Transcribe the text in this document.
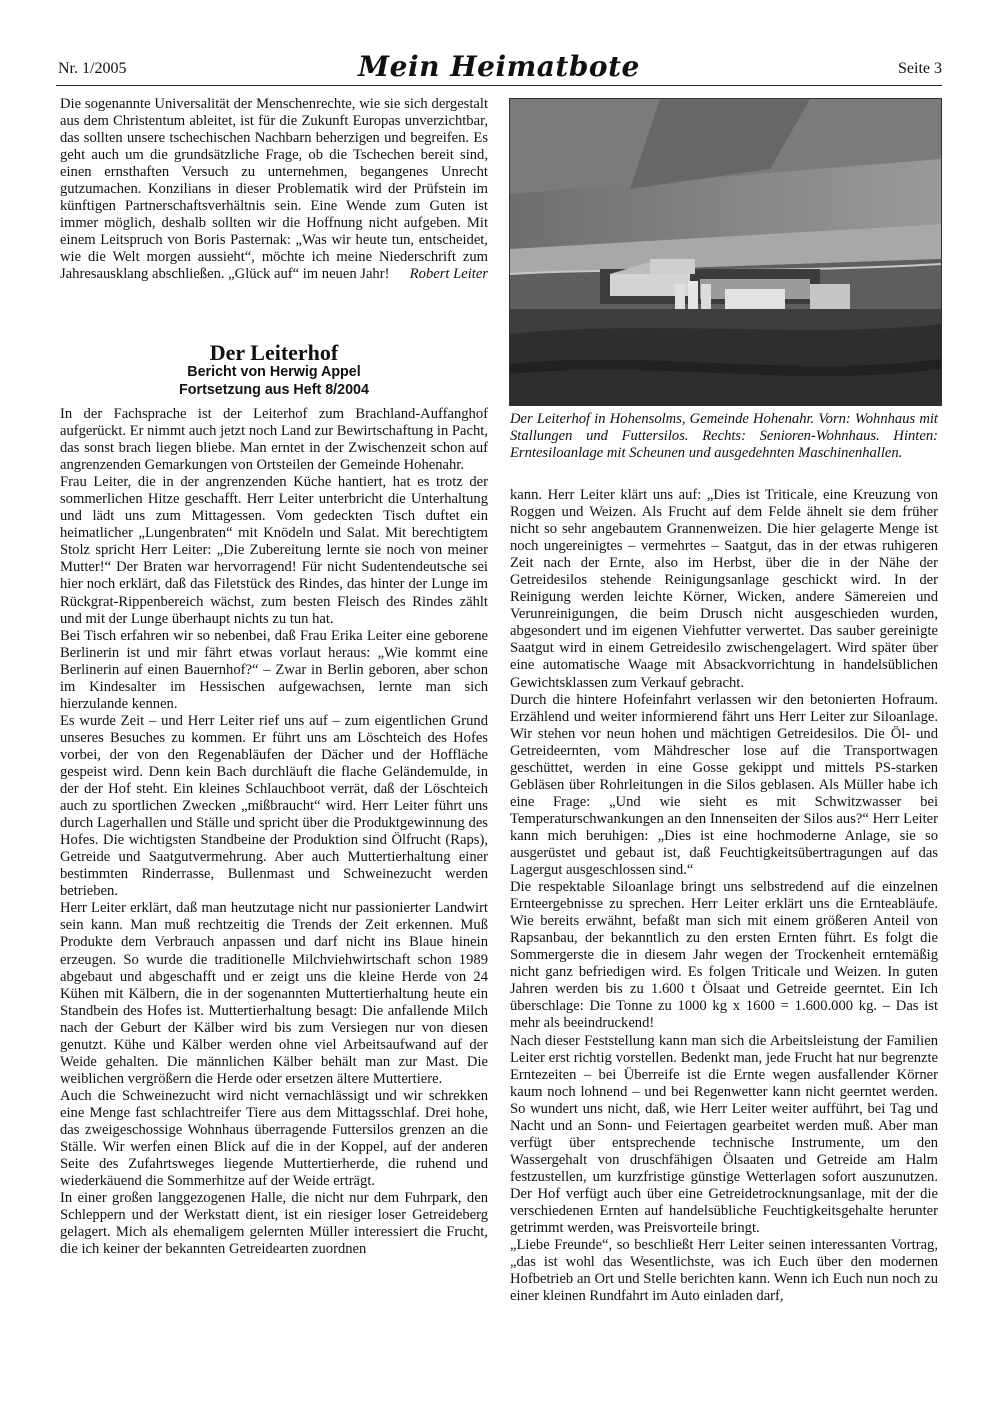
Nr. 1/2005	Mein Heimatbote	Seite 3

Die sogenannte Universalität der Menschenrechte, wie sie sich dergestalt aus dem Christentum ableitet, ist für die Zukunft Europas unverzichtbar, das sollten unsere tschechischen Nachbarn beherzigen und begreifen. Es geht auch um die grundsätzliche Frage, ob die Tschechen bereit sind, einen ernsthaften Versuch zu unternehmen, begangenes Unrecht gutzumachen. Konzilians in dieser Problematik wird der Prüfstein im künftigen Partnerschaftsverhältnis sein. Eine Wende zum Guten ist immer möglich, deshalb sollten wir die Hoffnung nicht aufgeben. Mit einem Leitspruch von Boris Pasternak: „Was wir heute tun, entscheidet, wie die Welt morgen aussieht“, möchte ich meine Niederschrift zum Jahresausklang abschließen. „Glück auf“ im neuen Jahr! Robert Leiter

Der Leiterhof
Bericht von Herwig Appel
Fortsetzung aus Heft 8/2004

In der Fachsprache ist der Leiterhof zum Brachland-Auffanghof aufgerückt. Er nimmt auch jetzt noch Land zur Bewirtschaftung in Pacht, das sonst brach liegen bliebe. Man erntet in der Zwischenzeit schon auf angrenzenden Gemarkungen von Ortsteilen der Gemeinde Hohenahr.

Frau Leiter, die in der angrenzenden Küche hantiert, hat es trotz der sommerlichen Hitze geschafft. Herr Leiter unterbricht die Unterhaltung und lädt uns zum Mittagessen. Vom gedeckten Tisch duftet ein heimatlicher „Lungenbraten“ mit Knödeln und Salat. Mit berechtigtem Stolz spricht Herr Leiter: „Die Zubereitung lernte sie noch von meiner Mutter!“ Der Braten war hervorragend! Für nicht Sudentendeutsche sei hier noch erklärt, daß das Filetstück des Rindes, das hinter der Lunge im Rückgrat-Rippenbereich wächst, zum besten Fleisch des Rindes zählt und mit der Lunge überhaupt nichts zu tun hat.

Bei Tisch erfahren wir so nebenbei, daß Frau Erika Leiter eine geborene Berlinerin ist und mir fährt etwas vorlaut heraus: „Wie kommt eine Berlinerin auf einen Bauernhof?“ – Zwar in Berlin geboren, aber schon im Kindesalter im Hessischen aufgewachsen, lernte man sich hierzulande kennen.

Es wurde Zeit – und Herr Leiter rief uns auf – zum eigentlichen Grund unseres Besuches zu kommen. Er führt uns am Löschteich des Hofes vorbei, der von den Regenabläufen der Dächer und der Hoffläche gespeist wird. Denn kein Bach durchläuft die flache Geländemulde, in der der Hof steht. Ein kleines Schlauchboot verrät, daß der Löschteich auch zu sportlichen Zwecken „mißbraucht“ wird. Herr Leiter führt uns durch Lagerhallen und Ställe und spricht über die Produktgewinnung des Hofes. Die wichtigsten Standbeine der Produktion sind Ölfrucht (Raps), Getreide und Saatgutvermehrung. Aber auch Muttertierhaltung einer bestimmten Rinderrasse, Bullenmast und Schweinezucht werden betrieben.

Herr Leiter erklärt, daß man heutzutage nicht nur passionierter Landwirt sein kann. Man muß rechtzeitig die Trends der Zeit erkennen. Muß Produkte dem Verbrauch anpassen und darf nicht ins Blaue hinein erzeugen. So wurde die traditionelle Milchviehwirtschaft schon 1989 abgebaut und abgeschafft und er zeigt uns die kleine Herde von 24 Kühen mit Kälbern, die in der sogenannten Muttertierhaltung heute ein Standbein des Hofes ist. Muttertierhaltung besagt: Die anfallende Milch nach der Geburt der Kälber wird bis zum Versiegen nur von diesen genutzt. Kühe und Kälber werden ohne viel Arbeitsaufwand auf der Weide gehalten. Die männlichen Kälber behält man zur Mast. Die weiblichen vergrößern die Herde oder ersetzen ältere Muttertiere.

Auch die Schweinezucht wird nicht vernachlässigt und wir schrekken eine Menge fast schlachtreifer Tiere aus dem Mittagsschlaf. Drei hohe, das zweigeschossige Wohnhaus überragende Futtersilos grenzen an die Ställe. Wir werfen einen Blick auf die in der Koppel, auf der anderen Seite des Zufahrtsweges liegende Muttertierherde, die ruhend und wiederkäuend die Sommerhitze auf der Weide erträgt.

In einer großen langgezogenen Halle, die nicht nur dem Fuhrpark, den Schleppern und der Werkstatt dient, ist ein riesiger loser Getreideberg gelagert. Mich als ehemaligem gelernten Müller interessiert die Frucht, die ich keiner der bekannten Getreidearten zuordnen

Der Leiterhof in Hohensolms, Gemeinde Hohenahr. Vorn: Wohnhaus mit Stallungen und Futtersilos. Rechts: Senioren-Wohnhaus. Hinten: Erntesiloanlage mit Scheunen und ausgedehnten Maschinenhallen.

kann. Herr Leiter klärt uns auf: „Dies ist Triticale, eine Kreuzung von Roggen und Weizen. Als Frucht auf dem Felde ähnelt sie dem früher nicht so sehr angebautem Grannenweizen. Die hier gelagerte Menge ist noch ungereinigtes – vermehrtes – Saatgut, das in der etwas ruhigeren Zeit nach der Ernte, also im Herbst, über die in der Nähe der Getreidesilos stehende Reinigungsanlage geschickt wird. In der Reinigung werden leichte Körner, Wicken, andere Sämereien und Verunreinigungen, die beim Drusch nicht ausgeschieden wurden, abgesondert und im eigenen Viehfutter verwertet. Das sauber gereinigte Saatgut wird in einem Getreidesilo zwischengelagert. Wird später über eine automatische Waage mit Absackvorrichtung in handelsüblichen Gewichtsklassen zum Verkauf gebracht.

Durch die hintere Hofeinfahrt verlassen wir den betonierten Hofraum. Erzählend und weiter informierend fährt uns Herr Leiter zur Siloanlage. Wir stehen vor neun hohen und mächtigen Getreidesilos. Die Öl- und Getreideernten, vom Mähdrescher lose auf die Transportwagen geschüttet, werden in eine Gosse gekippt und mittels PS-starken Gebläsen über Rohrleitungen in die Silos geblasen. Als Müller habe ich eine Frage: „Und wie sieht es mit Schwitzwasser bei Temperaturschwankungen an den Innenseiten der Silos aus?“ Herr Leiter kann mich beruhigen: „Dies ist eine hochmoderne Anlage, sie so ausgerüstet und gebaut ist, daß Feuchtigkeitsübertragungen auf das Lagergut ausgeschlossen sind.“

Die respektable Siloanlage bringt uns selbstredend auf die einzelnen Ernteergebnisse zu sprechen. Herr Leiter erklärt uns die Ernteabläufe. Wie bereits erwähnt, befaßt man sich mit einem größeren Anteil von Rapsanbau, der bekanntlich zu den ersten Ernten führt. Es folgt die Sommergerste die in diesem Jahr wegen der Trockenheit erntemäßig nicht ganz befriedigen wird. Es folgen Triticale und Weizen. In guten Jahren werden bis zu 1.600 t Ölsaat und Getreide geerntet. Ein Ich überschlage: Die Tonne zu 1000 kg x 1600 = 1.600.000 kg. – Das ist mehr als beeindruckend!

Nach dieser Feststellung kann man sich die Arbeitsleistung der Familien Leiter erst richtig vorstellen. Bedenkt man, jede Frucht hat nur begrenzte Erntezeiten – bei Überreife ist die Ernte wegen ausfallender Körner kaum noch lohnend – und bei Regenwetter kann nicht geerntet werden. So wundert uns nicht, daß, wie Herr Leiter weiter aufführt, bei Tag und Nacht und an Sonn- und Feiertagen gearbeitet werden muß. Aber man verfügt über entsprechende technische Instrumente, um den Wassergehalt von druschfähigen Ölsaaten und Getreide am Halm festzustellen, um kurzfristige günstige Wetterlagen sofort auszunutzen. Der Hof verfügt auch über eine Getreidetrocknungsanlage, mit der die verschiedenen Ernten auf handelsübliche Feuchtigkeitsgehalte herunter getrimmt werden, was Preisvorteile bringt.

„Liebe Freunde“, so beschließt Herr Leiter seinen interessanten Vortrag, „das ist wohl das Wesentlichste, was ich Euch über den modernen Hofbetrieb an Ort und Stelle berichten kann. Wenn ich Euch nun noch zu einer kleinen Rundfahrt im Auto einladen darf,
